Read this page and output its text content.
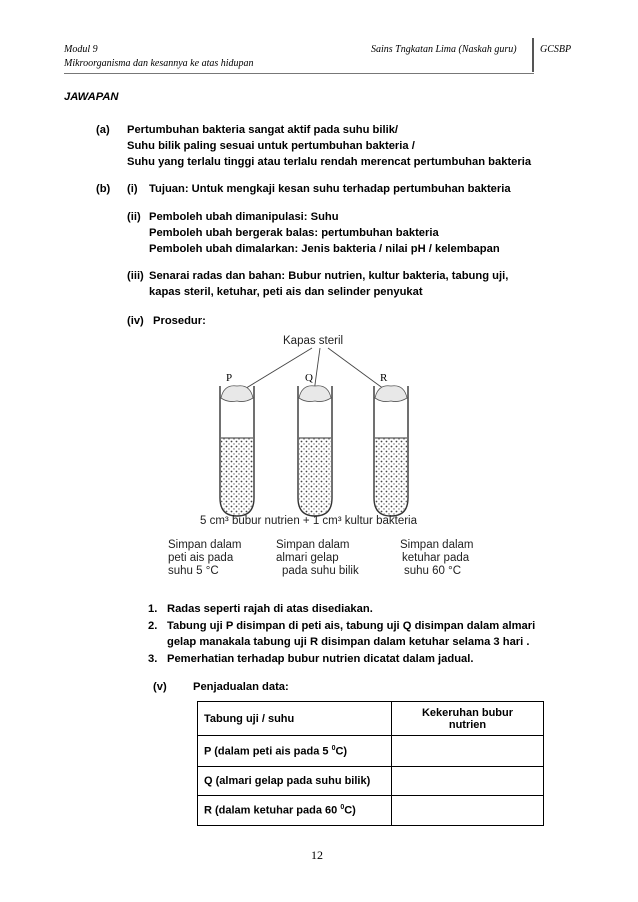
Modul 9
Mikroorganisma dan kesannya ke atas hidupan
Sains Tngkatan Lima (Naskah guru) GCSBP
JAWAPAN
(a) Pertumbuhan bakteria sangat aktif pada suhu bilik/
Suhu bilik paling sesuai untuk pertumbuhan bakteria /
Suhu yang terlalu tinggi atau terlalu rendah merencat pertumbuhan bakteria
(b) (i) Tujuan: Untuk mengkaji kesan suhu terhadap pertumbuhan bakteria
(ii) Pemboleh ubah dimanipulasi: Suhu
Pemboleh ubah bergerak balas: pertumbuhan bakteria
Pemboleh ubah dimalarkan: Jenis bakteria / nilai pH / kelembapan
(iii) Senarai radas dan bahan: Bubur nutrien, kultur bakteria, tabung uji,
kapas steril, ketuhar, peti ais dan selinder penyukat
(iv) Prosedur:
Kapas steril
P	Q	R
5 cm³ bubur nutrien + 1 cm³ kultur bakteria
Simpan dalam
peti ais pada
suhu 5 °C
Simpan dalam
almari gelap
pada suhu bilik
Simpan dalam
ketuhar pada
suhu 60 °C
1. Radas seperti rajah di atas disediakan.
2. Tabung uji P disimpan di peti ais, tabung uji Q disimpan dalam almari
gelap manakala tabung uji R disimpan dalam ketuhar selama 3 hari .
3. Pemerhatian terhadap bubur nutrien dicatat dalam jadual.
(v) Penjadualan data:
Tabung uji / suhu	Kekeruhan bubur
nutrien
P (dalam peti ais pada 5 $^0$C)	
Q (almari gelap pada suhu bilik)	
R (dalam ketuhar pada 60 $^0$C)	
12
